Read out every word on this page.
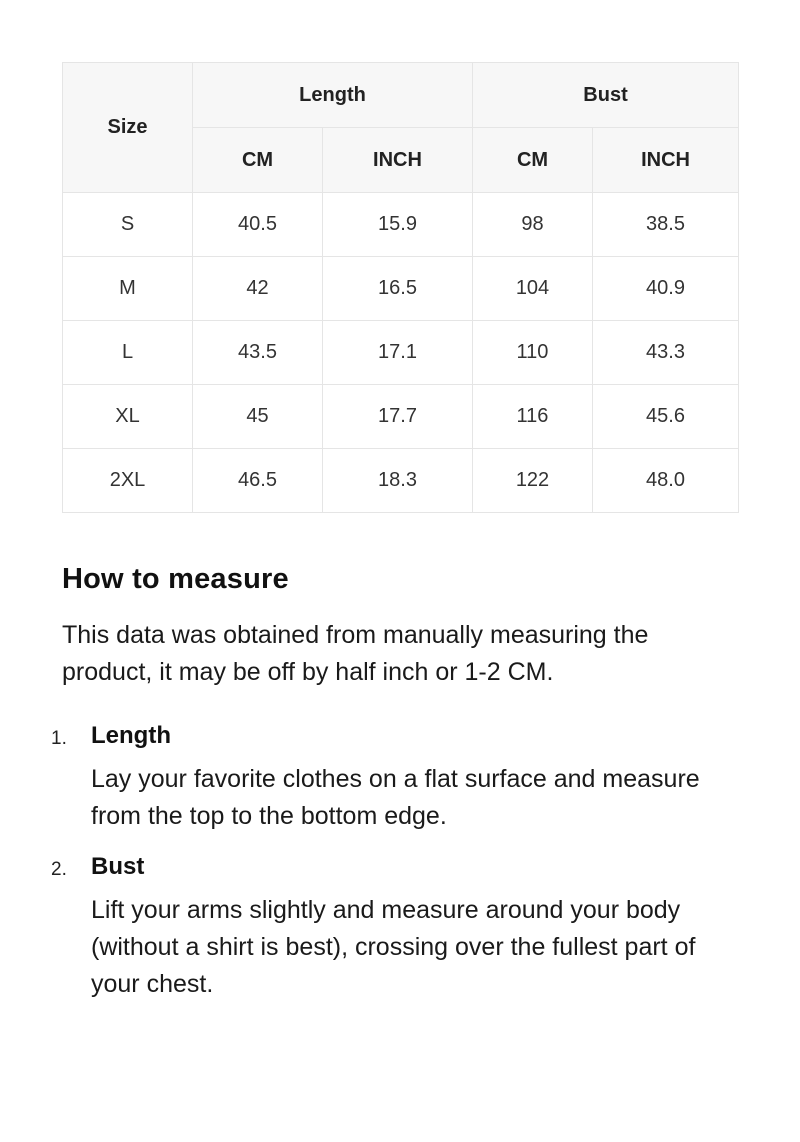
Size	Length		Bust	
	CM	INCH	CM	INCH
S	40.5	15.9	98	38.5
M	42	16.5	104	40.9
L	43.5	17.1	110	43.3
XL	45	17.7	116	45.6
2XL	46.5	18.3	122	48.0
How to measure

This data was obtained from manually measuring the product, it may be off by half inch or 1-2 CM.

1.	Length
Lay your favorite clothes on a flat surface and measure from the top to the bottom edge.
2.	Bust
Lift your arms slightly and measure around your body (without a shirt is best), crossing over the fullest part of your chest.
